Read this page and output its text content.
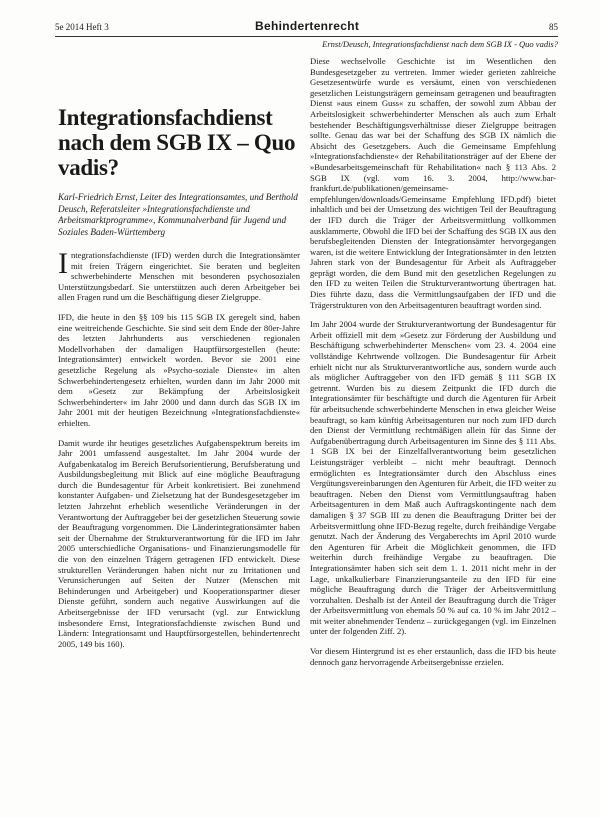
5e 2014 Heft 3	Behindertenrecht	85
Ernst/Deusch, Integrationsfachdienst nach dem SGB IX - Quo vadis?
Integrationsfachdienst nach dem SGB IX – Quo vadis?
Karl-Friedrich Ernst, Leiter des Integrationsamtes, und Berthold Deusch, Referatsleiter »Integrationsfachdienste und Arbeitsmarktprogramme«, Kommunalverband für Jugend und Soziales Baden-Württemberg
Integrationsfachdienste (IFD) werden durch die Integrationsämter mit freien Trägern eingerichtet. Sie beraten und begleiten schwerbehinderte Menschen mit besonderen psychosozialen Unterstützungsbedarf. Sie unterstützen auch deren Arbeitgeber bei allen Fragen rund um die Beschäftigung dieser Zielgruppe.
IFD, die heute in den §§ 109 bis 115 SGB IX geregelt sind, haben eine weitreichende Geschichte. Sie sind seit dem Ende der 80er-Jahre des letzten Jahrhunderts aus verschiedenen regionalen Modellvorhaben der damaligen Hauptfürsorgestellen (heute: Integrationsämter) entwickelt worden. Bevor sie 2001 eine gesetzliche Regelung als »Psycho-soziale Dienste« im alten Schwerbehindertengesetz erhielten, wurden dann im Jahr 2000 mit dem »Gesetz zur Bekämpfung der Arbeitslosigkeit Schwerbehinderter« im Jahr 2000 und dann durch das SGB IX im Jahr 2001 mit der heutigen Bezeichnung »Integrationsfachdienste« erhielten.
Damit wurde ihr heutiges gesetzliches Aufgabenspektrum bereits im Jahr 2001 umfassend ausgestaltet. Im Jahr 2004 wurde der Aufgabenkatalog im Bereich Berufsorientierung, Berufsberatung und Ausbildungsbegleitung mit Blick auf eine mögliche Beauftragung durch die Bundesagentur für Arbeit konkretisiert. Bei zunehmend konstanter Aufgaben- und Zielsetzung hat der Bundesgesetzgeber im letzten Jahrzehnt erheblich wesentliche Veränderungen in der Verantwortung der Auftraggeber bei der gesetzlichen Steuerung sowie der Beauftragung vorgenommen. Die Länderintegrationsämter haben seit der Übernahme der Strukturverantwortung für die IFD im Jahr 2005 unterschiedliche Organisations- und Finanzierungsmodelle für die von den einzelnen Trägern getragenen IFD entwickelt. Diese strukturellen Veränderungen haben nicht nur zu Irritationen und Verunsicherungen auf Seiten der Nutzer (Menschen mit Behinderungen und Arbeitgeber) und Kooperationspartner dieser Dienste geführt, sondern auch negative Auswirkungen auf die Arbeitsergebnisse der IFD verursacht (vgl. zur Entwicklung insbesondere Ernst, Integrationsfachdienste zwischen Bund und Ländern: Integrationsamt und Hauptfürsorgestellen, behindertenrecht 2005, 149 bis 160).
Diese wechselvolle Geschichte ist im Wesentlichen den Bundesgesetzgeber zu vertreten. Immer wieder gerieten zahlreiche Gesetzesentwürfe wurde es versäumt, einen von verschiedenen gesetzlichen Leistungsträgern gemeinsam getragenen und beauftragten Dienst »aus einem Guss« zu schaffen, der sowohl zum Abbau der Arbeitslosigkeit schwerbehinderter Menschen als auch zum Erhalt bestehender Beschäftigungsverhältnisse dieser Zielgruppe beitragen sollte. Genau das war bei der Schaffung des SGB IX nämlich die Absicht des Gesetzgebers. Auch die Gemeinsame Empfehlung »Integrationsfachdienste« der Rehabilitationsträger auf der Ebene der »Bundesarbeitsgemeinschaft für Rehabilitation« nach § 113 Abs. 2 SGB IX (vgl. vom 16. 3. 2004, http://www.bar-frankfurt.de/publikationen/gemeinsame-empfehlungen/downloads/Gemeinsame Empfehlung IFD.pdf) bietet inhaltlich und bei der Umsetzung des wichtigen Teil der Beauftragung der IFD durch die Träger der Arbeitsvermittlung vollkommen ausklammerte, Obwohl die IFD bei der Schaffung des SGB IX aus den berufsbegleitenden Diensten der Integrationsämter hervorgegangen waren, ist die weitere Entwicklung der Integrationsämter in den letzten Jahren stark von der Bundesagentur für Arbeit als Auftraggeber geprägt worden, die dem Bund mit den gesetzlichen Regelungen zu den IFD zu weiten Teilen die Strukturverantwortung übertragen hat. Dies führte dazu, dass die Vermittlungsaufgaben der IFD und die Trägerstrukturen von den Arbeitsagenturen beauftragt worden sind.
Im Jahr 2004 wurde der Strukturverantwortung der Bundesagentur für Arbeit offiziell mit dem »Gesetz zur Förderung der Ausbildung und Beschäftigung schwerbehinderter Menschen« vom 23. 4. 2004 eine vollständige Kehrtwende vollzogen. Die Bundesagentur für Arbeit erhielt nicht nur als Strukturverantwortliche aus, sondern wurde auch als möglicher Auftraggeber von den IFD gemäß § 111 SGB IX getrennt. Wurden bis zu diesem Zeitpunkt die IFD durch die Integrationsämter für beschäftigte und durch die Agenturen für Arbeit für arbeitsuchende schwerbehinderte Menschen in etwa gleicher Weise beauftragt, so kam künftig Arbeitsagenturen nur noch zum IFD durch den Dienst der Vermittlung rechtmäßigen allein für das Sinne der Aufgabenübertragung durch Arbeitsagenturen im Sinne des § 111 Abs. 1 SGB IX bei der Einzelfallverantwortung beim gesetzlichen Leistungsträger verbleibt – nicht mehr beauftragt. Dennoch ermöglichten es Integrationsämter durch den Abschluss eines Vergütungsvereinbarungen den Agenturen für Arbeit, die IFD weiter zu beauftragen. Neben den Dienst vom Vermittlungsauftrag haben Arbeitsagenturen in dem Maß auch Auftragskontingente nach dem damaligen § 37 SGB III zu denen die Beauftragung Dritter bei der Arbeitsvermittlung ohne IFD-Bezug regelte, durch freihändige Vergabe genutzt. Nach der Änderung des Vergaberechts im April 2010 wurde den Agenturen für Arbeit die Möglichkeit genommen, die IFD weiterhin durch freihändige Vergabe zu beauftragen. Die Integrationsämter haben sich seit dem 1. 1. 2011 nicht mehr in der Lage, unkalkulierbare Finanzierungsanteile zu den IFD für eine mögliche Beauftragung durch die Träger der Arbeitsvermittlung vorzuhalten. Deshalb ist der Anteil der Beauftragung durch die Träger der Arbeitsvermittlung von ehemals 50 % auf ca. 10 % im Jahr 2012 – mit weiter abnehmender Tendenz – zurückgegangen (vgl. im Einzelnen unter der folgenden Ziff. 2).
Vor diesem Hintergrund ist es eher erstaunlich, dass die IFD bis heute dennoch ganz hervorragende Arbeitsergebnisse erzielen.
